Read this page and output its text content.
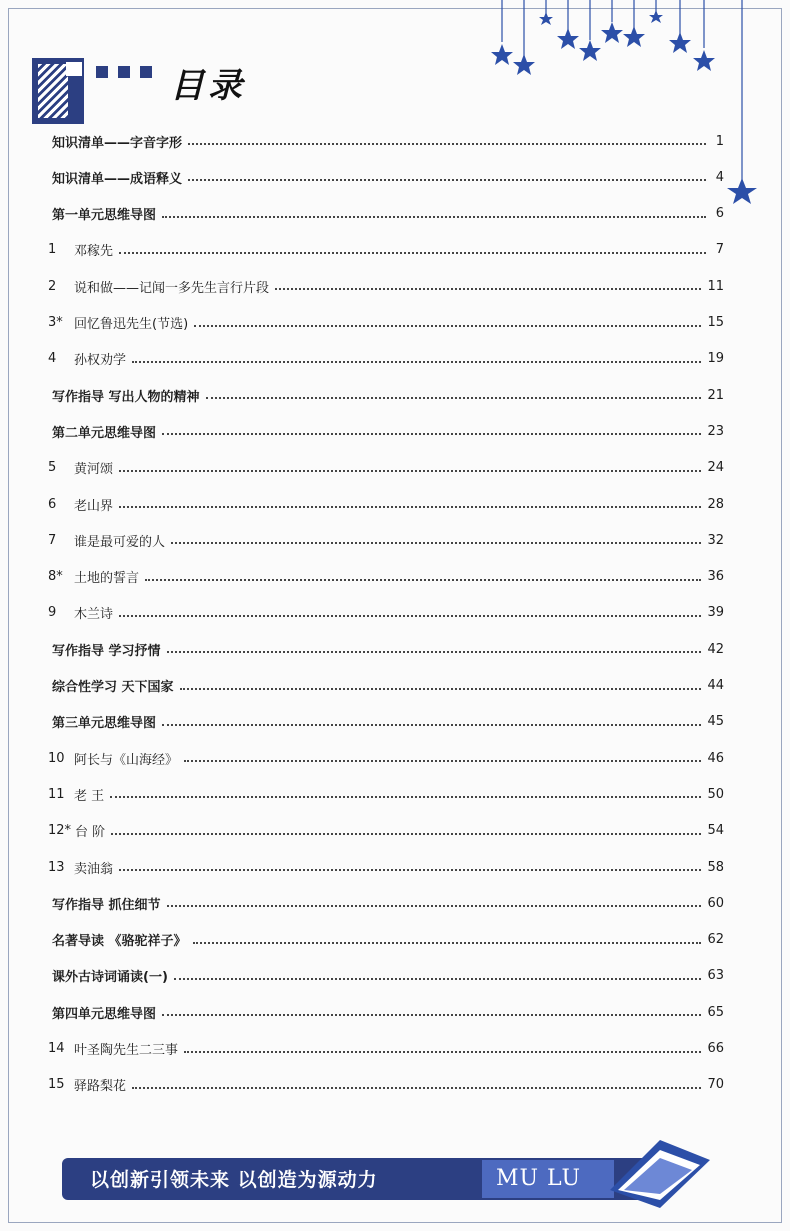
目录
知识清单——字音字形	1
知识清单——成语释义	4
第一单元思维导图	6
1	邓稼先	7
2	说和做——记闻一多先生言行片段	11
3* 回忆鲁迅先生(节选)	15
4	孙权劝学	19
写作指导 写出人物的精神	21
第二单元思维导图	23
5	黄河颂	24
6	老山界	28
7	谁是最可爱的人	32
8* 土地的誓言	36
9	木兰诗	39
写作指导 学习抒情	42
综合性学习 天下国家	44
第三单元思维导图	45
10 阿长与《山海经》	46
11 老 王	50
12* 台 阶	54
13 卖油翁	58
写作指导 抓住细节	60
名著导读 《骆驼祥子》	62
课外古诗词诵读(一)	63
第四单元思维导图	65
14 叶圣陶先生二三事	66
15 驿路梨花	70
以创新引领未来 以创造为源动力	MU LU
